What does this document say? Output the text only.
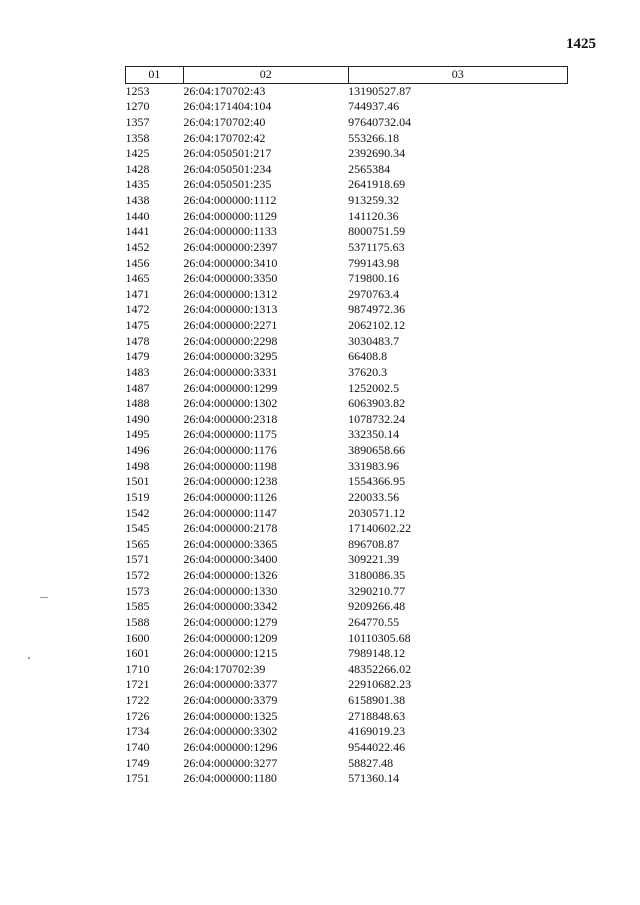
1425
01	02	03
1253	26:04:170702:43	13190527.87
1270	26:04:171404:104	744937.46
1357	26:04:170702:40	97640732.04
1358	26:04:170702:42	553266.18
1425	26:04:050501:217	2392690.34
1428	26:04:050501:234	2565384
1435	26:04:050501:235	2641918.69
1438	26:04:000000:1112	913259.32
1440	26:04:000000:1129	141120.36
1441	26:04:000000:1133	8000751.59
1452	26:04:000000:2397	5371175.63
1456	26:04:000000:3410	799143.98
1465	26:04:000000:3350	719800.16
1471	26:04:000000:1312	2970763.4
1472	26:04:000000:1313	9874972.36
1475	26:04:000000:2271	2062102.12
1478	26:04:000000:2298	3030483.7
1479	26:04:000000:3295	66408.8
1483	26:04:000000:3331	37620.3
1487	26:04:000000:1299	1252002.5
1488	26:04:000000:1302	6063903.82
1490	26:04:000000:2318	1078732.24
1495	26:04:000000:1175	332350.14
1496	26:04:000000:1176	3890658.66
1498	26:04:000000:1198	331983.96
1501	26:04:000000:1238	1554366.95
1519	26:04:000000:1126	220033.56
1542	26:04:000000:1147	2030571.12
1545	26:04:000000:2178	17140602.22
1565	26:04:000000:3365	896708.87
1571	26:04:000000:3400	309221.39
1572	26:04:000000:1326	3180086.35
1573	26:04:000000:1330	3290210.77
1585	26:04:000000:3342	9209266.48
1588	26:04:000000:1279	264770.55
1600	26:04:000000:1209	10110305.68
1601	26:04:000000:1215	7989148.12
1710	26:04:170702:39	48352266.02
1721	26:04:000000:3377	22910682.23
1722	26:04:000000:3379	6158901.38
1726	26:04:000000:1325	2718848.63
1734	26:04:000000:3302	4169019.23
1740	26:04:000000:1296	9544022.46
1749	26:04:000000:3277	58827.48
1751	26:04:000000:1180	571360.14
